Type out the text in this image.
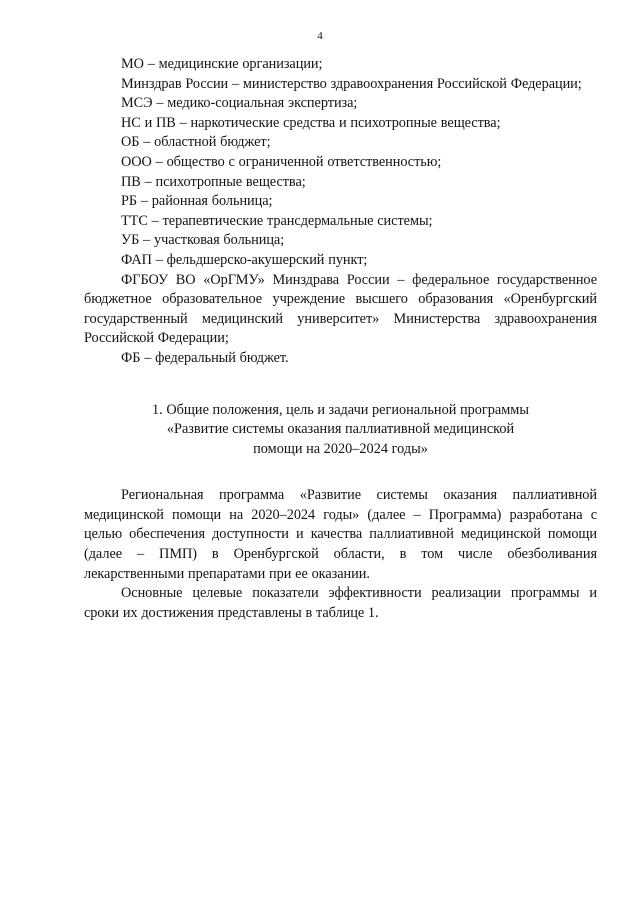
4

МО – медицинские организации;

Минздрав России – министерство здравоохранения Российской Федерации;

МСЭ – медико-социальная экспертиза;

НС и ПВ – наркотические средства и психотропные вещества;

ОБ – областной бюджет;

ООО – общество с ограниченной ответственностью;

ПВ – психотропные вещества;

РБ – районная больница;

ТТС – терапевтические трансдермальные системы;

УБ – участковая больница;

ФАП – фельдшерско-акушерский пункт;

ФГБОУ ВО «ОрГМУ» Минздрава России – федеральное государственное бюджетное образовательное учреждение высшего образования «Оренбургский государственный медицинский университет» Министерства здравоохранения Российской Федерации;

ФБ – федеральный бюджет.

1. Общие положения, цель и задачи региональной программы
«Развитие системы оказания паллиативной медицинской
помощи на 2020–2024 годы»

Региональная программа «Развитие системы оказания паллиативной медицинской помощи на 2020–2024 годы» (далее – Программа) разработана с целью обеспечения доступности и качества паллиативной медицинской помощи (далее – ПМП) в Оренбургской области, в том числе обезболивания лекарственными препаратами при ее оказании.

Основные целевые показатели эффективности реализации программы и сроки их достижения представлены в таблице 1.
